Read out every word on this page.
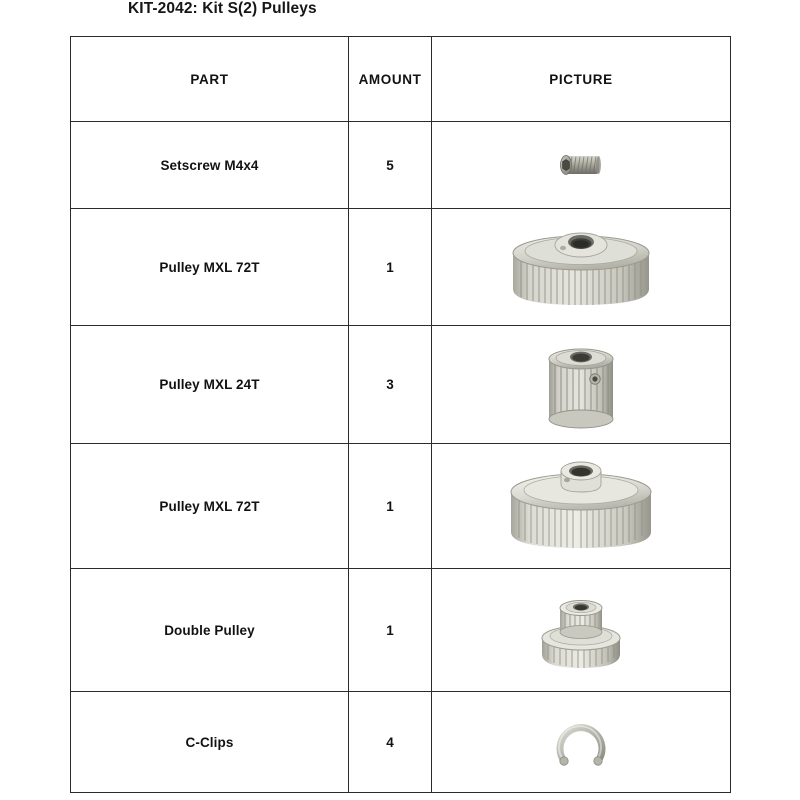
KIT-2042: Kit S(2) Pulleys
PART	AMOUNT	PICTURE
Setscrew M4x4	5	

Pulley MXL 72T	1	

Pulley MXL 24T	3	

Pulley MXL 72T	1	

Double Pulley	1	

C-Clips	4	
